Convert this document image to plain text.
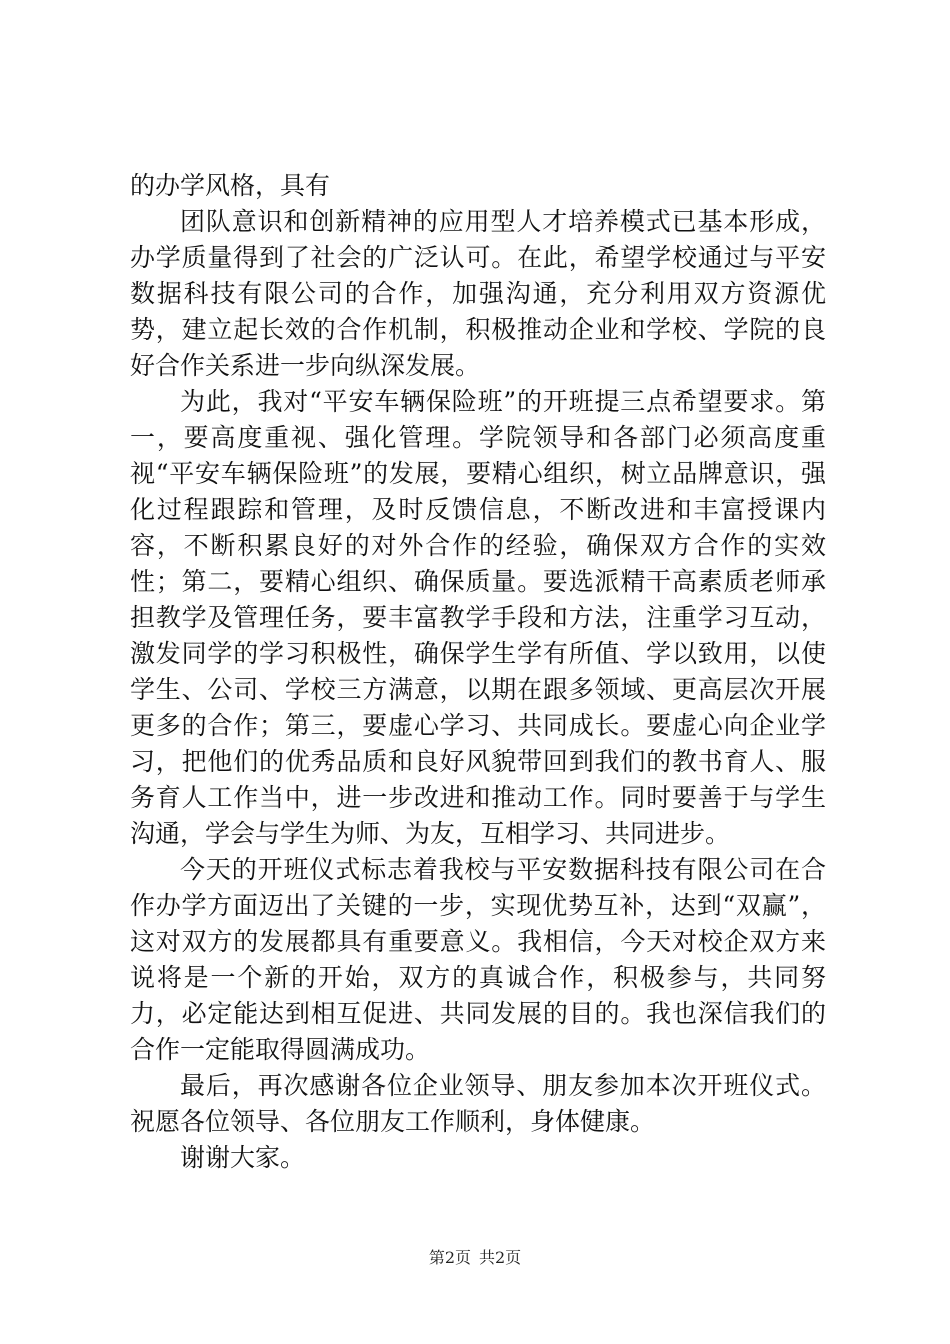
的办学风格，具有

团队意识和创新精神的应用型人才培养模式已基本形成，办学质量得到了社会的广泛认可。在此，希望学校通过与平安数据科技有限公司的合作，加强沟通，充分利用双方资源优势，建立起长效的合作机制，积极推动企业和学校、学院的良好合作关系进一步向纵深发展。

为此，我对“平安车辆保险班”的开班提三点希望要求。第一，要高度重视、强化管理。学院领导和各部门必须高度重视“平安车辆保险班”的发展，要精心组织，树立品牌意识，强化过程跟踪和管理，及时反馈信息，不断改进和丰富授课内容，不断积累良好的对外合作的经验，确保双方合作的实效性；第二，要精心组织、确保质量。要选派精干高素质老师承担教学及管理任务，要丰富教学手段和方法，注重学习互动，激发同学的学习积极性，确保学生学有所值、学以致用，以使学生、公司、学校三方满意，以期在跟多领域、更高层次开展更多的合作；第三，要虚心学习、共同成长。要虚心向企业学习，把他们的优秀品质和良好风貌带回到我们的教书育人、服务育人工作当中，进一步改进和推动工作。同时要善于与学生沟通，学会与学生为师、为友，互相学习、共同进步。

今天的开班仪式标志着我校与平安数据科技有限公司在合作办学方面迈出了关键的一步，实现优势互补，达到“双赢”，这对双方的发展都具有重要意义。我相信，今天对校企双方来说将是一个新的开始，双方的真诚合作，积极参与，共同努力，必定能达到相互促进、共同发展的目的。我也深信我们的合作一定能取得圆满成功。

最后，再次感谢各位企业领导、朋友参加本次开班仪式。祝愿各位领导、各位朋友工作顺利，身体健康。

谢谢大家。

第2页 共2页
